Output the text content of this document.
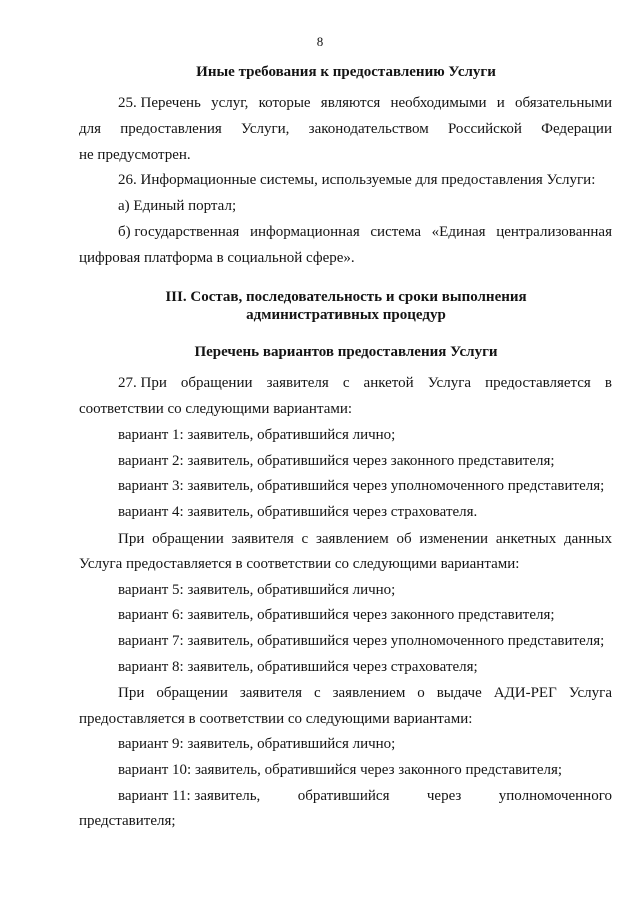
8
Иные требования к предоставлению Услуги
25. Перечень услуг, которые являются необходимыми и обязательными
для предоставления Услуги, законодательством Российской Федерации
не предусмотрен.
26. Информационные системы, используемые для предоставления Услуги:
а) Единый портал;
б) государственная информационная система «Единая централизованная
цифровая платформа в социальной сфере».
III. Состав, последовательность и сроки выполнения
административных процедур
Перечень вариантов предоставления Услуги
27. При обращении заявителя с анкетой Услуга предоставляется в
соответствии со следующими вариантами:
вариант 1: заявитель, обратившийся лично;
вариант 2: заявитель, обратившийся через законного представителя;
вариант 3: заявитель, обратившийся через уполномоченного представителя;
вариант 4: заявитель, обратившийся через страхователя.
При обращении заявителя с заявлением об изменении анкетных данных
Услуга предоставляется в соответствии со следующими вариантами:
вариант 5: заявитель, обратившийся лично;
вариант 6: заявитель, обратившийся через законного представителя;
вариант 7: заявитель, обратившийся через уполномоченного представителя;
вариант 8: заявитель, обратившийся через страхователя;
При обращении заявителя с заявлением о выдаче АДИ-РЕГ Услуга
предоставляется в соответствии со следующими вариантами:
вариант 9: заявитель, обратившийся лично;
вариант 10: заявитель, обратившийся через законного представителя;
вариант 11: заявитель, обратившийся через уполномоченного
представителя;
